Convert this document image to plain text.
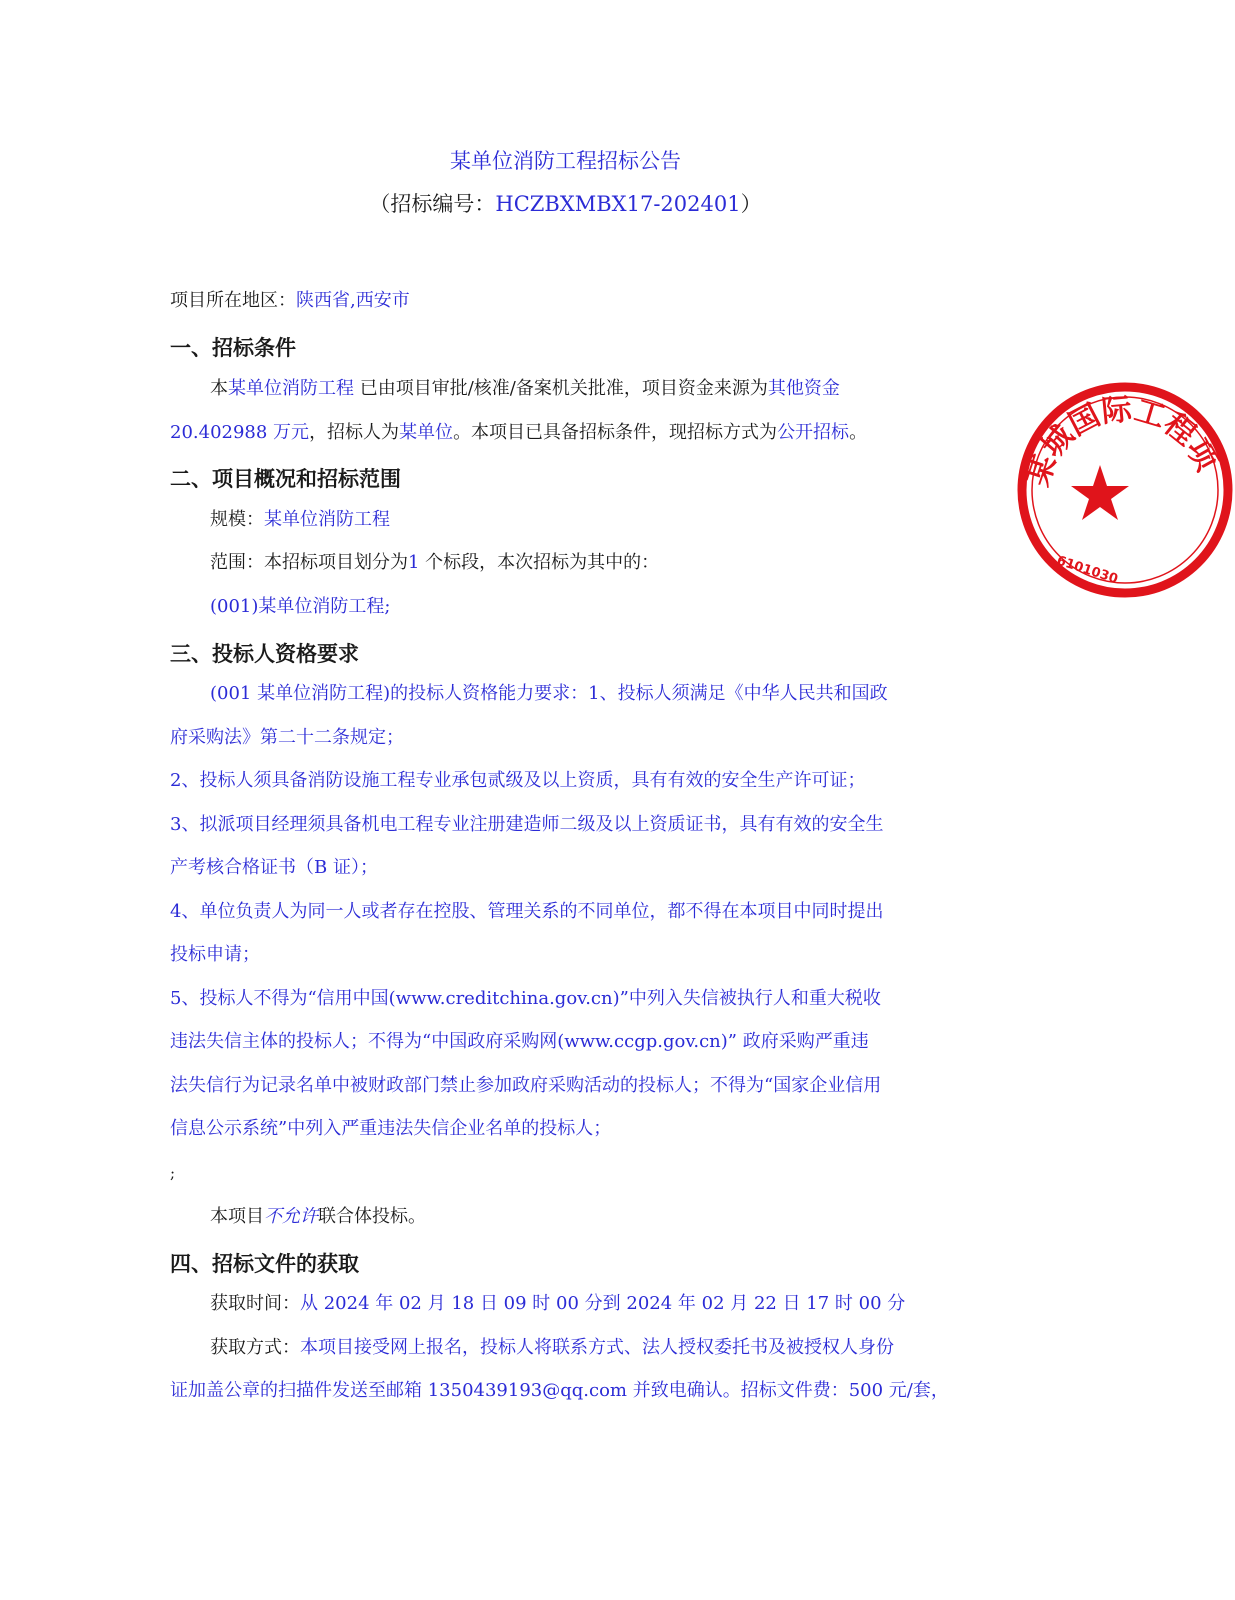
某单位消防工程招标公告
（招标编号：HCZBXMBX17-202401）
项目所在地区：陕西省,西安市
一、招标条件
本某单位消防工程 已由项目审批/核准/备案机关批准，项目资金来源为其他资金
20.402988 万元，招标人为某单位。本项目已具备招标条件，现招标方式为公开招标。
二、项目概况和招标范围
规模：某单位消防工程
范围：本招标项目划分为1 个标段，本次招标为其中的：
(001)某单位消防工程;
三、投标人资格要求
(001 某单位消防工程)的投标人资格能力要求：1、投标人须满足《中华人民共和国政
府采购法》第二十二条规定；
2、投标人须具备消防设施工程专业承包贰级及以上资质，具有有效的安全生产许可证；
3、拟派项目经理须具备机电工程专业注册建造师二级及以上资质证书，具有有效的安全生
产考核合格证书（B 证）；
4、单位负责人为同一人或者存在控股、管理关系的不同单位，都不得在本项目中同时提出
投标申请；
5、投标人不得为“信用中国(www.creditchina.gov.cn)”中列入失信被执行人和重大税收
违法失信主体的投标人；不得为“中国政府采购网(www.ccgp.gov.cn)” 政府采购严重违
法失信行为记录名单中被财政部门禁止参加政府采购活动的投标人；不得为“国家企业信用
信息公示系统”中列入严重违法失信企业名单的投标人；
;
本项目不允许联合体投标。
四、招标文件的获取
获取时间：从 2024 年 02 月 18 日 09 时 00 分到 2024 年 02 月 22 日 17 时 00 分
获取方式：本项目接受网上报名，投标人将联系方式、法人授权委托书及被授权人身份
证加盖公章的扫描件发送至邮箱 1350439193@qq.com 并致电确认。招标文件费：500 元/套，
某城国际工程项
6101030
